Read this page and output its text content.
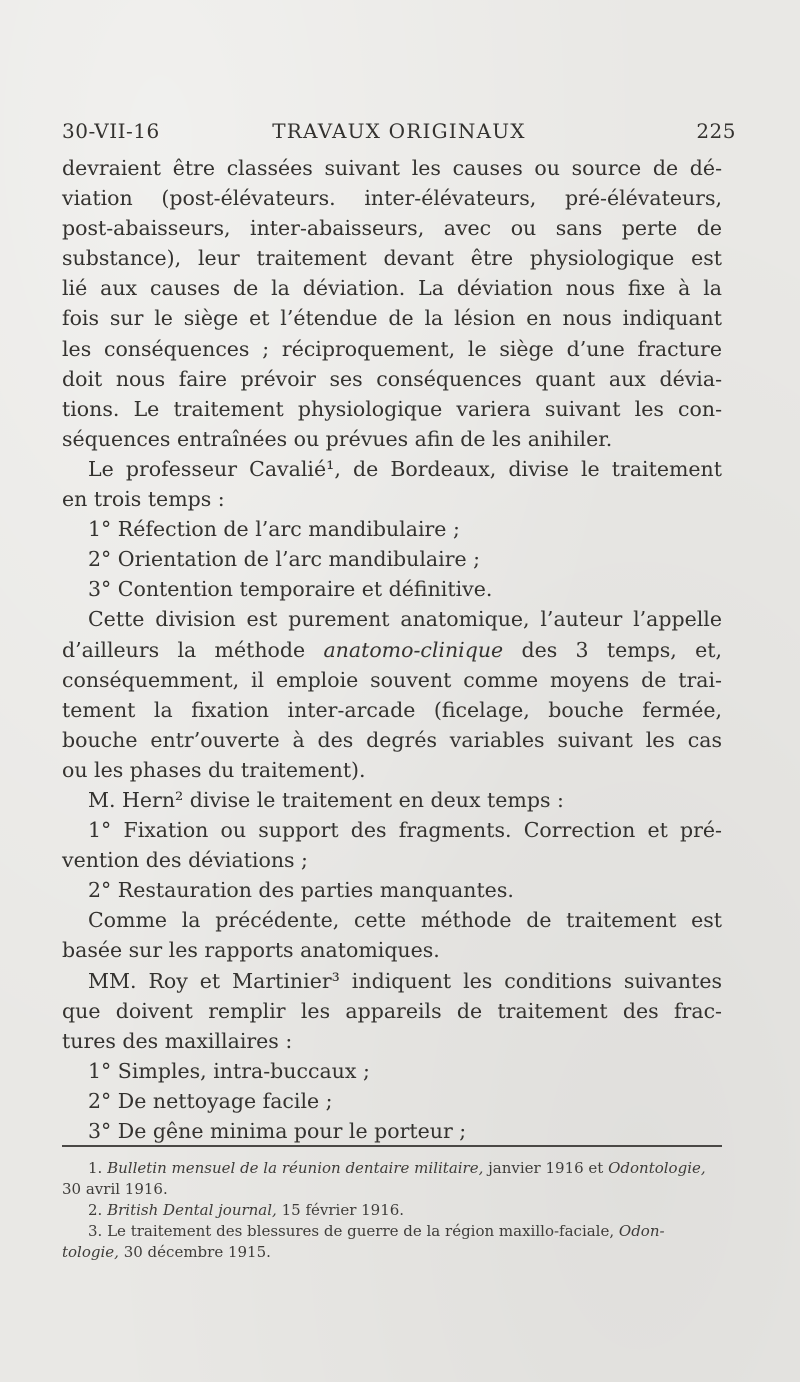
30-VII-16	TRAVAUX ORIGINAUX	225
devraient être classées suivant les causes ou source de dé-
viation (post-élévateurs. inter-élévateurs, pré-élévateurs,
post-abaisseurs, inter-abaisseurs, avec ou sans perte de
substance), leur traitement devant être physiologique est
lié aux causes de la déviation. La déviation nous fixe à la
fois sur le siège et l’étendue de la lésion en nous indiquant
les conséquences ; réciproquement, le siège d’une fracture
doit nous faire prévoir ses conséquences quant aux dévia-
tions. Le traitement physiologique variera suivant les con-
séquences entraînées ou prévues afin de les anihiler.
Le professeur Cavalié¹, de Bordeaux, divise le traitement
en trois temps :
1° Réfection de l’arc mandibulaire ;
2° Orientation de l’arc mandibulaire ;
3° Contention temporaire et définitive.
Cette division est purement anatomique, l’auteur l’appelle
d’ailleurs la méthode anatomo-clinique des 3 temps, et,
conséquemment, il emploie souvent comme moyens de trai-
tement la fixation inter-arcade (ficelage, bouche fermée,
bouche entr’ouverte à des degrés variables suivant les cas
ou les phases du traitement).
M. Hern² divise le traitement en deux temps :
1° Fixation ou support des fragments. Correction et pré-
vention des déviations ;
2° Restauration des parties manquantes.
Comme la précédente, cette méthode de traitement est
basée sur les rapports anatomiques.
MM. Roy et Martinier³ indiquent les conditions suivantes
que doivent remplir les appareils de traitement des frac-
tures des maxillaires :
1° Simples, intra-buccaux ;
2° De nettoyage facile ;
3° De gêne minima pour le porteur ;
1. Bulletin mensuel de la réunion dentaire militaire, janvier 1916 et Odontologie,
30 avril 1916.
2. British Dental journal, 15 février 1916.
3. Le traitement des blessures de guerre de la région maxillo-faciale, Odon-
tologie, 30 décembre 1915.
